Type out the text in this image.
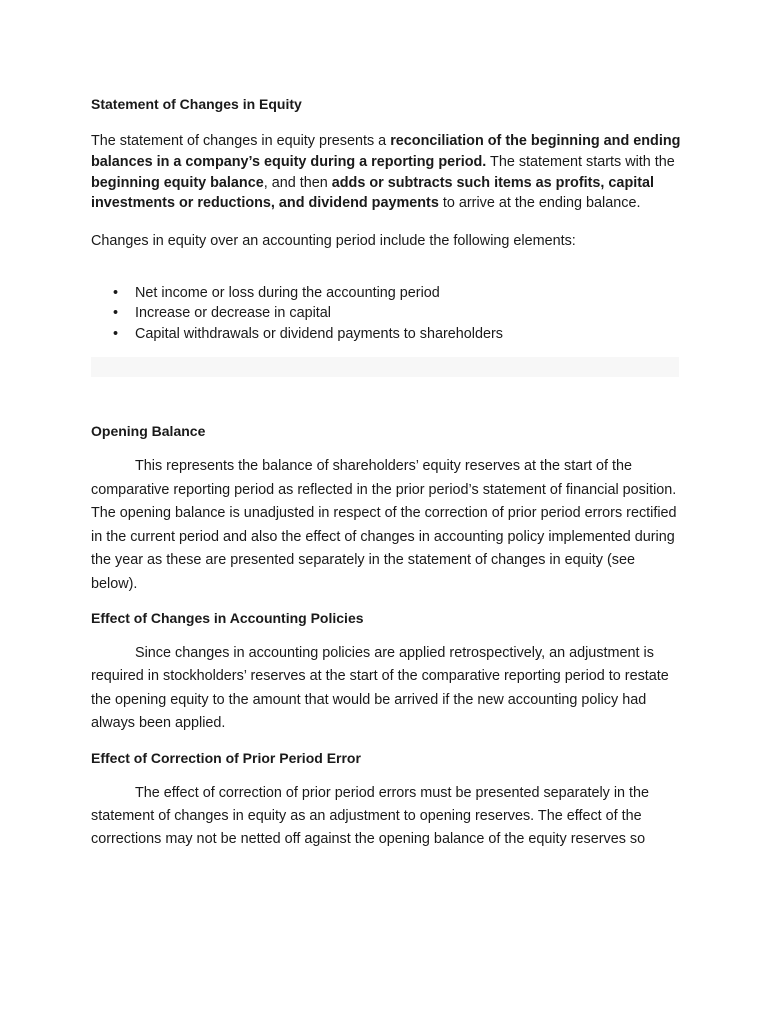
Statement of Changes in Equity

The statement of changes in equity presents a reconciliation of the beginning and ending balances in a company’s equity during a reporting period. The statement starts with the beginning equity balance, and then adds or subtracts such items as profits, capital investments or reductions, and dividend payments to arrive at the ending balance.

Changes in equity over an accounting period include the following elements:

• Net income or loss during the accounting period
• Increase or decrease in capital
• Capital withdrawals or dividend payments to shareholders
Opening Balance

This represents the balance of shareholders’ equity reserves at the start of the comparative reporting period as reflected in the prior period’s statement of financial position. The opening balance is unadjusted in respect of the correction of prior period errors rectified in the current period and also the effect of changes in accounting policy implemented during the year as these are presented separately in the statement of changes in equity (see below).

Effect of Changes in Accounting Policies

Since changes in accounting policies are applied retrospectively, an adjustment is required in stockholders’ reserves at the start of the comparative reporting period to restate the opening equity to the amount that would be arrived if the new accounting policy had always been applied.

Effect of Correction of Prior Period Error

The effect of correction of prior period errors must be presented separately in the statement of changes in equity as an adjustment to opening reserves. The effect of the corrections may not be netted off against the opening balance of the equity reserves so
